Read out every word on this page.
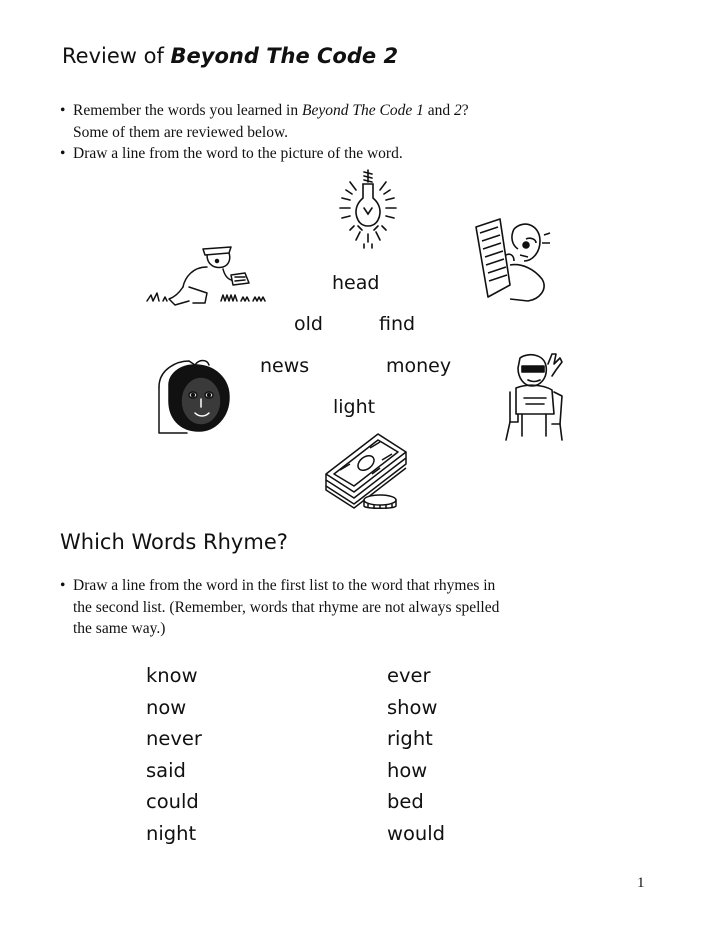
Review of Beyond The Code 2
• Remember the words you learned in Beyond The Code 1 and 2?
Some of them are reviewed below.
• Draw a line from the word to the picture of the word.
head
old	find
news	money
light
Which Words Rhyme?
• Draw a line from the word in the first list to the word that rhymes in
the second list. (Remember, words that rhyme are not always spelled
the same way.)
know
now
never
said
could
night
ever
show
right
how
bed
would
1
